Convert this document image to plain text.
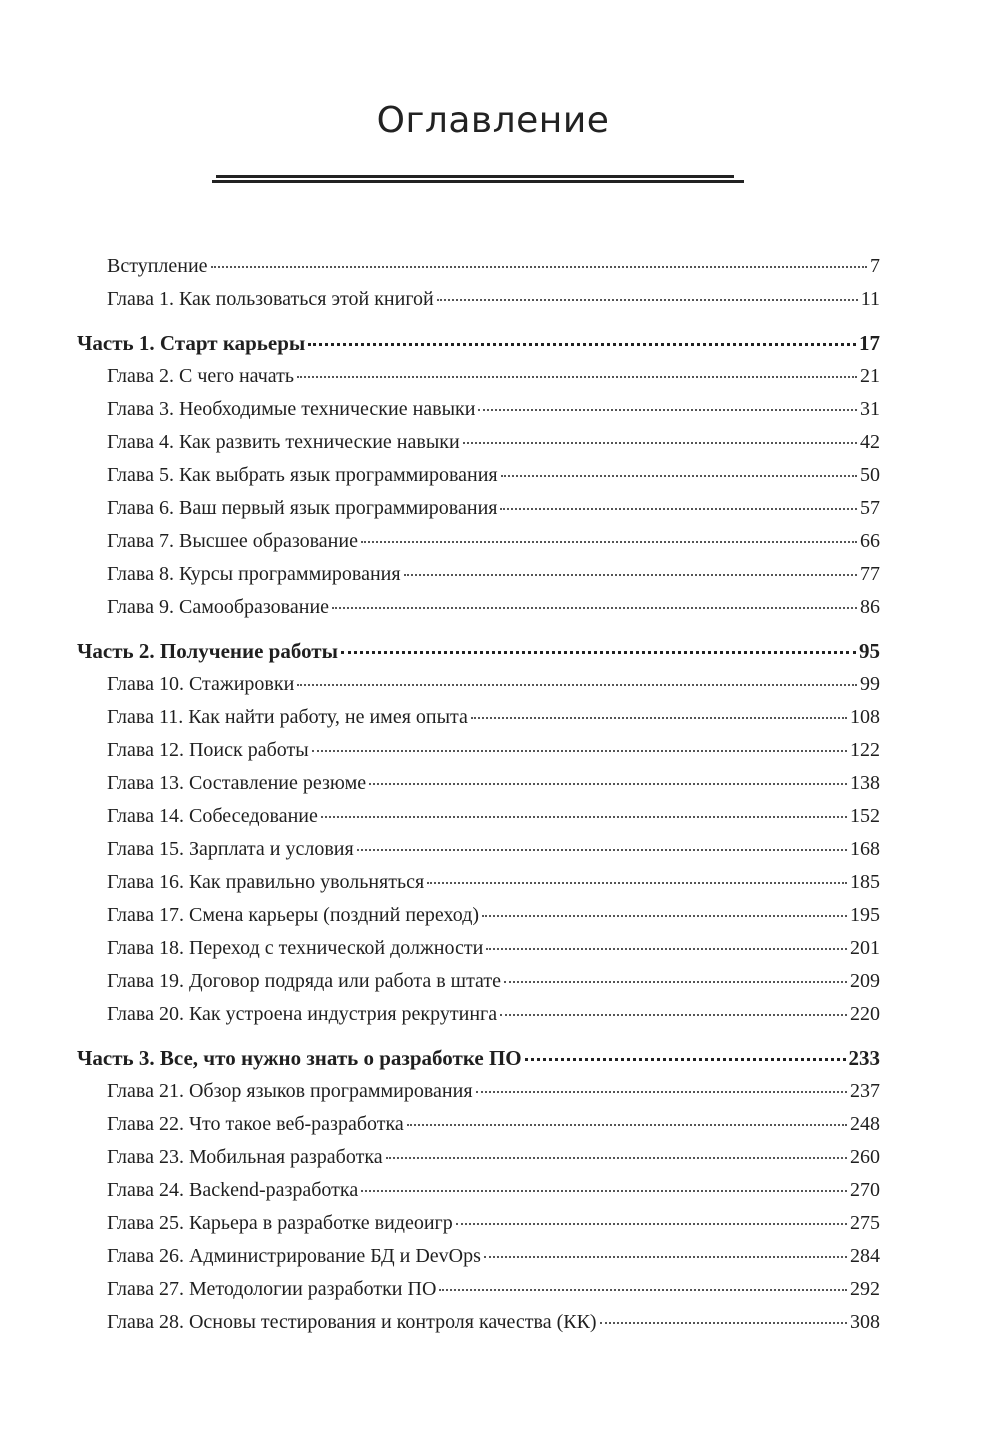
Оглавление
Вступление	7
Глава 1. Как пользоваться этой книгой	11
Часть 1. Старт карьеры	17
Глава 2. С чего начать	21
Глава 3. Необходимые технические навыки	31
Глава 4. Как развить технические навыки	42
Глава 5. Как выбрать язык программирования	50
Глава 6. Ваш первый язык программирования	57
Глава 7. Высшее образование	66
Глава 8. Курсы программирования	77
Глава 9. Самообразование	86
Часть 2. Получение работы	95
Глава 10. Стажировки	99
Глава 11. Как найти работу, не имея опыта	108
Глава 12. Поиск работы	122
Глава 13. Составление резюме	138
Глава 14. Собеседование	152
Глава 15. Зарплата и условия	168
Глава 16. Как правильно увольняться	185
Глава 17. Смена карьеры (поздний переход)	195
Глава 18. Переход с технической должности	201
Глава 19. Договор подряда или работа в штате	209
Глава 20. Как устроена индустрия рекрутинга	220
Часть 3. Все, что нужно знать о разработке ПО	233
Глава 21. Обзор языков программирования	237
Глава 22. Что такое веб-разработка	248
Глава 23. Мобильная разработка	260
Глава 24. Backend-разработка	270
Глава 25. Карьера в разработке видеоигр	275
Глава 26. Администрирование БД и DevOps	284
Глава 27. Методологии разработки ПО	292
Глава 28. Основы тестирования и контроля качества (КК)	308
